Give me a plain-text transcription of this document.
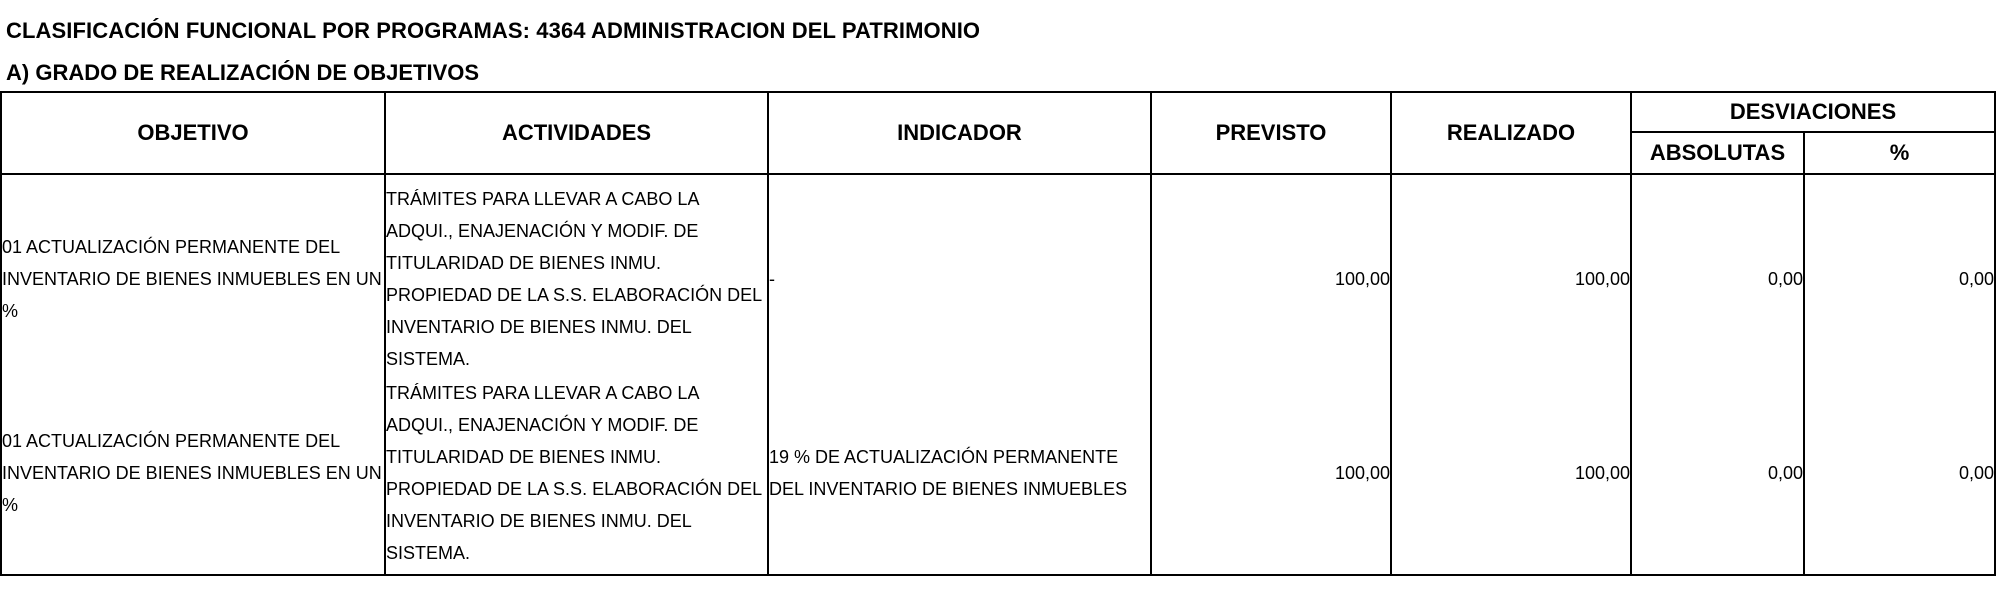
CLASIFICACIÓN FUNCIONAL POR PROGRAMAS: 4364 ADMINISTRACION DEL PATRIMONIO
A) GRADO DE REALIZACIÓN DE OBJETIVOS
OBJETIVO	ACTIVIDADES	INDICADOR	PREVISTO	REALIZADO	DESVIACIONES	
					ABSOLUTAS	%
01 ACTUALIZACIÓN PERMANENTE DEL INVENTARIO DE BIENES INMUEBLES EN UN %	TRÁMITES PARA LLEVAR A CABO LA ADQUI., ENAJENACIÓN Y MODIF. DE TITULARIDAD DE BIENES INMU. PROPIEDAD DE LA S.S. ELABORACIÓN DEL INVENTARIO DE BIENES INMU. DEL SISTEMA.	-	100,00	100,00	0,00	0,00
01 ACTUALIZACIÓN PERMANENTE DEL INVENTARIO DE BIENES INMUEBLES EN UN %	TRÁMITES PARA LLEVAR A CABO LA ADQUI., ENAJENACIÓN Y MODIF. DE TITULARIDAD DE BIENES INMU. PROPIEDAD DE LA S.S. ELABORACIÓN DEL INVENTARIO DE BIENES INMU. DEL SISTEMA.	19 % DE ACTUALIZACIÓN PERMANENTE DEL INVENTARIO DE BIENES INMUEBLES	100,00	100,00	0,00	0,00
